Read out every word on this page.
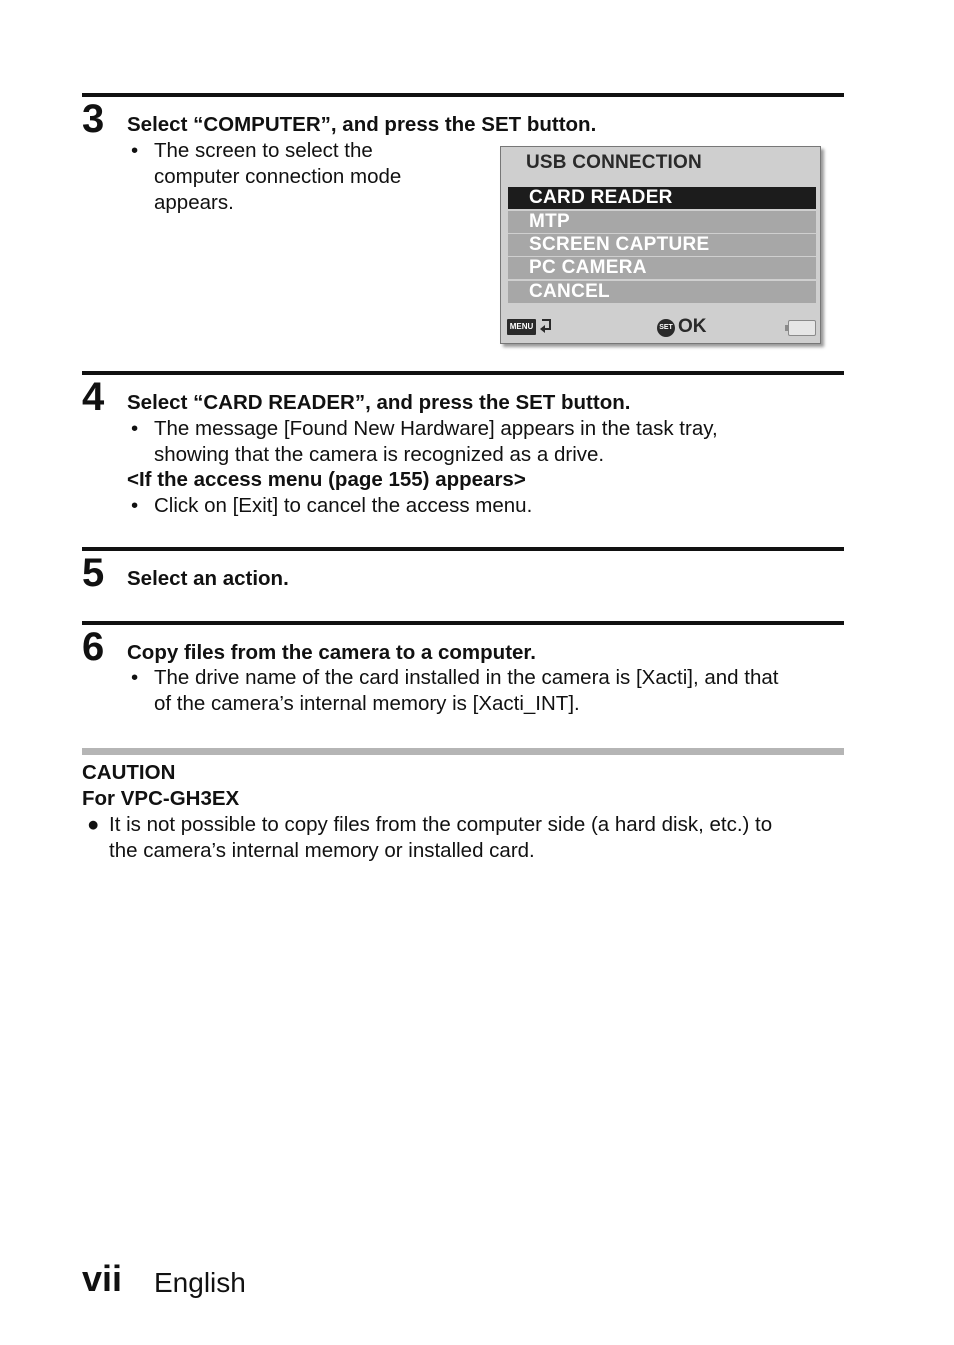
3 Select “COMPUTER”, and press the SET button.
• The screen to select the
computer connection mode
appears.
USB CONNECTION
CARD READER
MTP
SCREEN CAPTURE
PC CAMERA
CANCEL
MENU	SET OK
4 Select “CARD READER”, and press the SET button.
• The message [Found New Hardware] appears in the task tray,
showing that the camera is recognized as a drive.
<If the access menu (page 155) appears>
• Click on [Exit] to cancel the access menu.
5 Select an action.
6 Copy files from the camera to a computer.
• The drive name of the card installed in the camera is [Xacti], and that
of the camera’s internal memory is [Xacti_INT].
CAUTION
For VPC-GH3EX
● It is not possible to copy files from the computer side (a hard disk, etc.) to
the camera’s internal memory or installed card.
vii English
